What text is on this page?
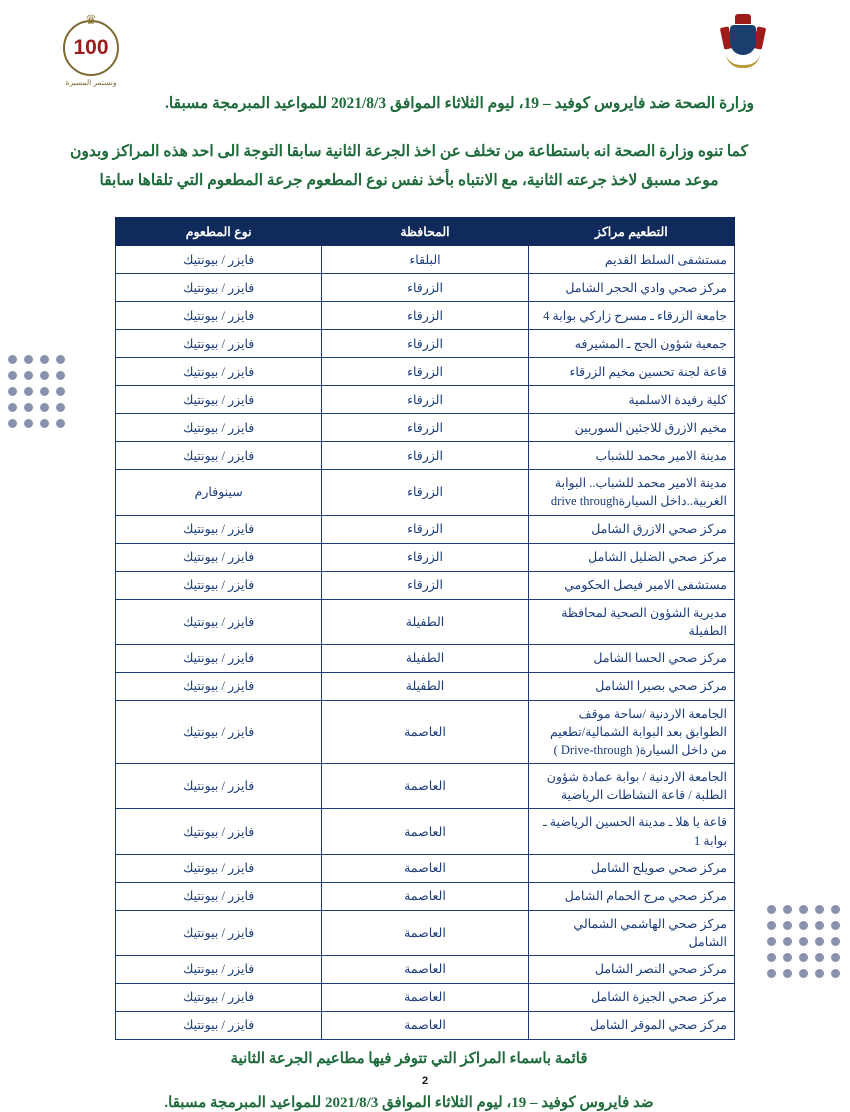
♛
100
ونستمر المسيرة
وزارة الصحة ضد فايروس كوفيد – 19، ليوم الثلاثاء الموافق 2021/8/3 للمواعيد المبرمجة مسبقا.
كما تنوه وزارة الصحة انه باستطاعة من تخلف عن اخذ الجرعة الثانية سابقا التوجة الى احد هذه المراكز وبدون موعد مسبق لاخذ جرعته الثانية، مع الانتباه بأخذ نفس نوع المطعوم جرعة المطعوم التي تلقاها سابقا
التطعيم مراكز	المحافظة	نوع المطعوم
مستشفى السلط القديم	البلقاء	فايزر / بيونتيك
مركز صحي وادي الحجر الشامل	الزرقاء	فايزر / بيونتيك
جامعة الزرقاء ـ مسرح زاركي بوابة 4	الزرقاء	فايزر / بيونتيك
جمعية شؤون الحج ـ المشيرفه	الزرقاء	فايزر / بيونتيك
قاعة لجنة تحسين مخيم الزرقاء	الزرقاء	فايزر / بيونتيك
كلية رفيدة الاسلمية	الزرقاء	فايزر / بيونتيك
مخيم الازرق للاجئين السوريين	الزرقاء	فايزر / بيونتيك
مدينة الامير محمد للشباب	الزرقاء	فايزر / بيونتيك
مدينة الامير محمد للشباب.. البوابة الغربية..داخل السيارةdrive through	الزرقاء	سينوفارم
مركز صحي الازرق الشامل	الزرقاء	فايزر / بيونتيك
مركز صحي الضليل الشامل	الزرقاء	فايزر / بيونتيك
مستشفى الامير فيصل الحكومي	الزرقاء	فايزر / بيونتيك
مديرية الشؤون الصحية لمحافظة الطفيلة	الطفيلة	فايزر / بيونتيك
مركز صحي الحسا الشامل	الطفيلة	فايزر / بيونتيك
مركز صحي بصيرا الشامل	الطفيلة	فايزر / بيونتيك
الجامعة الاردنية /ساحة موقف الطوابق بعد البوابة الشمالية/تطعيم من داخل السيارة( Drive-through )	العاصمة	فايزر / بيونتيك
الجامعة الاردنية / بوابة عمادة شؤون الطلبة / قاعة النشاطات الرياضية	العاصمة	فايزر / بيونتيك
قاعة يا هلا ـ مدينة الحسين الرياضية ـ بوابة 1	العاصمة	فايزر / بيونتيك
مركز صحي صويلح الشامل	العاصمة	فايزر / بيونتيك
مركز صحي مرج الحمام الشامل	العاصمة	فايزر / بيونتيك
مركز صحي الهاشمي الشمالي الشامل	العاصمة	فايزر / بيونتيك
مركز صحي النصر الشامل	العاصمة	فايزر / بيونتيك
مركز صحي الجيزة الشامل	العاصمة	فايزر / بيونتيك
مركز صحي الموقر الشامل	العاصمة	فايزر / بيونتيك
قائمة باسماء المراكز التي تتوفر فيها مطاعيم الجرعة الثانية
ضد فايروس كوفيد – 19، ليوم الثلاثاء الموافق 2021/8/3 للمواعيد المبرمجة مسبقا.
2
